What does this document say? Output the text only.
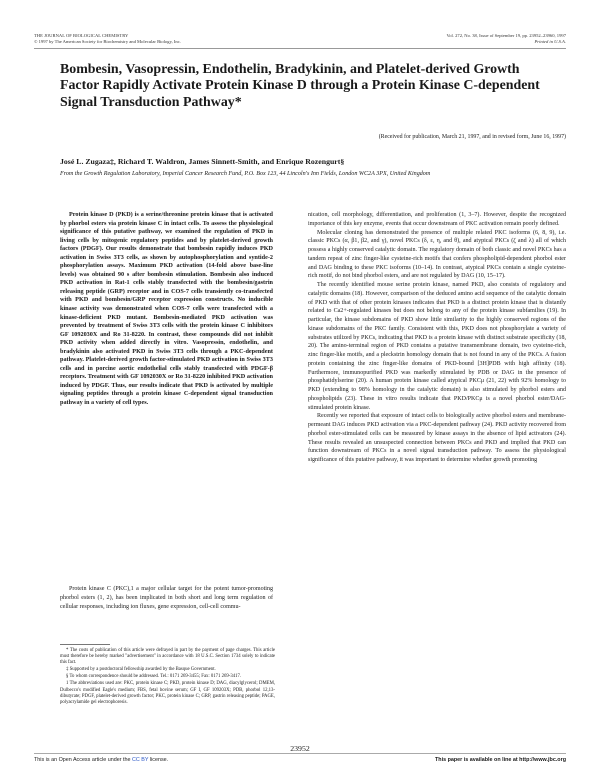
THE JOURNAL OF BIOLOGICAL CHEMISTRY
© 1997 by The American Society for Biochemistry and Molecular Biology, Inc.
Vol. 272, No. 38, Issue of September 19, pp. 23952–23960, 1997
Printed in U.S.A.
Bombesin, Vasopressin, Endothelin, Bradykinin, and Platelet-derived Growth Factor Rapidly Activate Protein Kinase D through a Protein Kinase C-dependent Signal Transduction Pathway*
(Received for publication, March 21, 1997, and in revised form, June 16, 1997)
José L. Zugaza‡, Richard T. Waldron, James Sinnett-Smith, and Enrique Rozengurt§
From the Growth Regulation Laboratory, Imperial Cancer Research Fund, P.O. Box 123, 44 Lincoln's Inn Fields, London WC2A 3PX, United Kingdom

Protein kinase D (PKD) is a serine/threonine protein kinase that is activated by phorbol esters via protein kinase C in intact cells. To assess the physiological significance of this putative pathway, we examined the regulation of PKD in living cells by mitogenic regulatory peptides and by platelet-derived growth factors (PDGF). Our results demonstrate that bombesin rapidly induces PKD activation in Swiss 3T3 cells, as shown by autophosphorylation and syntide-2 phosphorylation assays. Maximum PKD activation (14-fold above base-line levels) was obtained 90 s after bombesin stimulation. Bombesin also induced PKD activation in Rat-1 cells stably transfected with the bombesin/gastrin releasing peptide (GRP) receptor and in COS-7 cells transiently co-transfected with PKD and bombesin/GRP receptor expression constructs. No inducible kinase activity was demonstrated when COS-7 cells were transfected with a kinase-deficient PKD mutant. Bombesin-mediated PKD activation was prevented by treatment of Swiss 3T3 cells with the protein kinase C inhibitors GF 1092030X and Ro 31-8220. In contrast, these compounds did not inhibit PKD activity when added directly in vitro. Vasopressin, endothelin, and bradykinin also activated PKD in Swiss 3T3 cells through a PKC-dependent pathway. Platelet-derived growth factor-stimulated PKD activation in Swiss 3T3 cells and in porcine aortic endothelial cells stably transfected with PDGF-β receptors. Treatment with GF 1092030X or Ro 31-8220 inhibited PKD activation induced by PDGF. Thus, our results indicate that PKD is activated by multiple signaling peptides through a protein kinase C-dependent signal transduction pathway in a variety of cell types.

Protein kinase C (PKC),1 a major cellular target for the potent tumor-promoting phorbol esters (1, 2), has been implicated in both short and long term regulation of cellular responses, including ion fluxes, gene expression, cell-cell commu-

nication, cell morphology, differentiation, and proliferation (1, 3–7). However, despite the recognized importance of this key enzyme, events that occur downstream of PKC activation remain poorly defined.

Molecular cloning has demonstrated the presence of multiple related PKC isoforms (6, 8, 9), i.e. classic PKCs (α, β1, β2, and γ), novel PKCs (δ, ε, η, and θ), and atypical PKCs (ζ and λ) all of which possess a highly conserved catalytic domain. The regulatory domain of both classic and novel PKCs has a tandem repeat of zinc finger-like cysteine-rich motifs that confers phospholipid-dependent phorbol ester and DAG binding to these PKC isoforms (10–14). In contrast, atypical PKCs contain a single cysteine-rich motif, do not bind phorbol esters, and are not regulated by DAG (10, 15–17).

The recently identified mouse serine protein kinase, named PKD, also consists of regulatory and catalytic domains (18). However, comparison of the deduced amino acid sequence of the catalytic domain of PKD with that of other protein kinases indicates that PKD is a distinct protein kinase that is distantly related to Ca2+-regulated kinases but does not belong to any of the protein kinase subfamilies (19). In particular, the kinase subdomains of PKD show little similarity to the highly conserved regions of the kinase subdomains of the PKC family. Consistent with this, PKD does not phosphorylate a variety of substrates utilized by PKCs, indicating that PKD is a protein kinase with distinct substrate specificity (18, 20). The amino-terminal region of PKD contains a putative transmembrane domain, two cysteine-rich, zinc finger-like motifs, and a pleckstrin homology domain that is not found in any of the PKCs. A fusion protein containing the zinc finger-like domains of PKD-bound [3H]PDB with high affinity (18). Furthermore, immunopurified PKD was markedly stimulated by PDB or DAG in the presence of phosphatidylserine (20). A human protein kinase called atypical PKCμ (21, 22) with 92% homology to PKD (extending to 98% homology in the catalytic domain) is also stimulated by phorbol esters and phospholipids (23). These in vitro results indicate that PKD/PKCμ is a novel phorbol ester/DAG-stimulated protein kinase.

Recently we reported that exposure of intact cells to biologically active phorbol esters and membrane-permeant DAG induces PKD activation via a PKC-dependent pathway (24). PKD activity recovered from phorbol ester-stimulated cells can be measured by kinase assays in the absence of lipid activators (24). These results revealed an unsuspected connection between PKCs and PKD and implied that PKD can function downstream of PKCs in a novel signal transduction pathway. To assess the physiological significance of this putative pathway, it was important to determine whether growth promoting

* The costs of publication of this article were defrayed in part by the payment of page charges. This article must therefore be hereby marked "advertisement" in accordance with 18 U.S.C. Section 1734 solely to indicate this fact.

‡ Supported by a postdoctoral fellowship awarded by the Basque Government.

§ To whom correspondence should be addressed. Tel.: 0171 269-3455; Fax: 0171 269-3417.

1 The abbreviations used are: PKC, protein kinase C; PKD, protein kinase D; DAG, diacylglycerol; DMEM, Dulbecco's modified Eagle's medium; FBS, fetal bovine serum; GF I, GF 109203X; PDB, phorbol 12,13-dibutyrate; PDGF, platelet-derived growth factor; PKC, protein kinase C; GRP, gastrin releasing peptide; PAGE, polyacrylamide gel electrophoresis.

23952
This is an Open Access article under the CC BY license.	This paper is available on line at http://www.jbc.org
